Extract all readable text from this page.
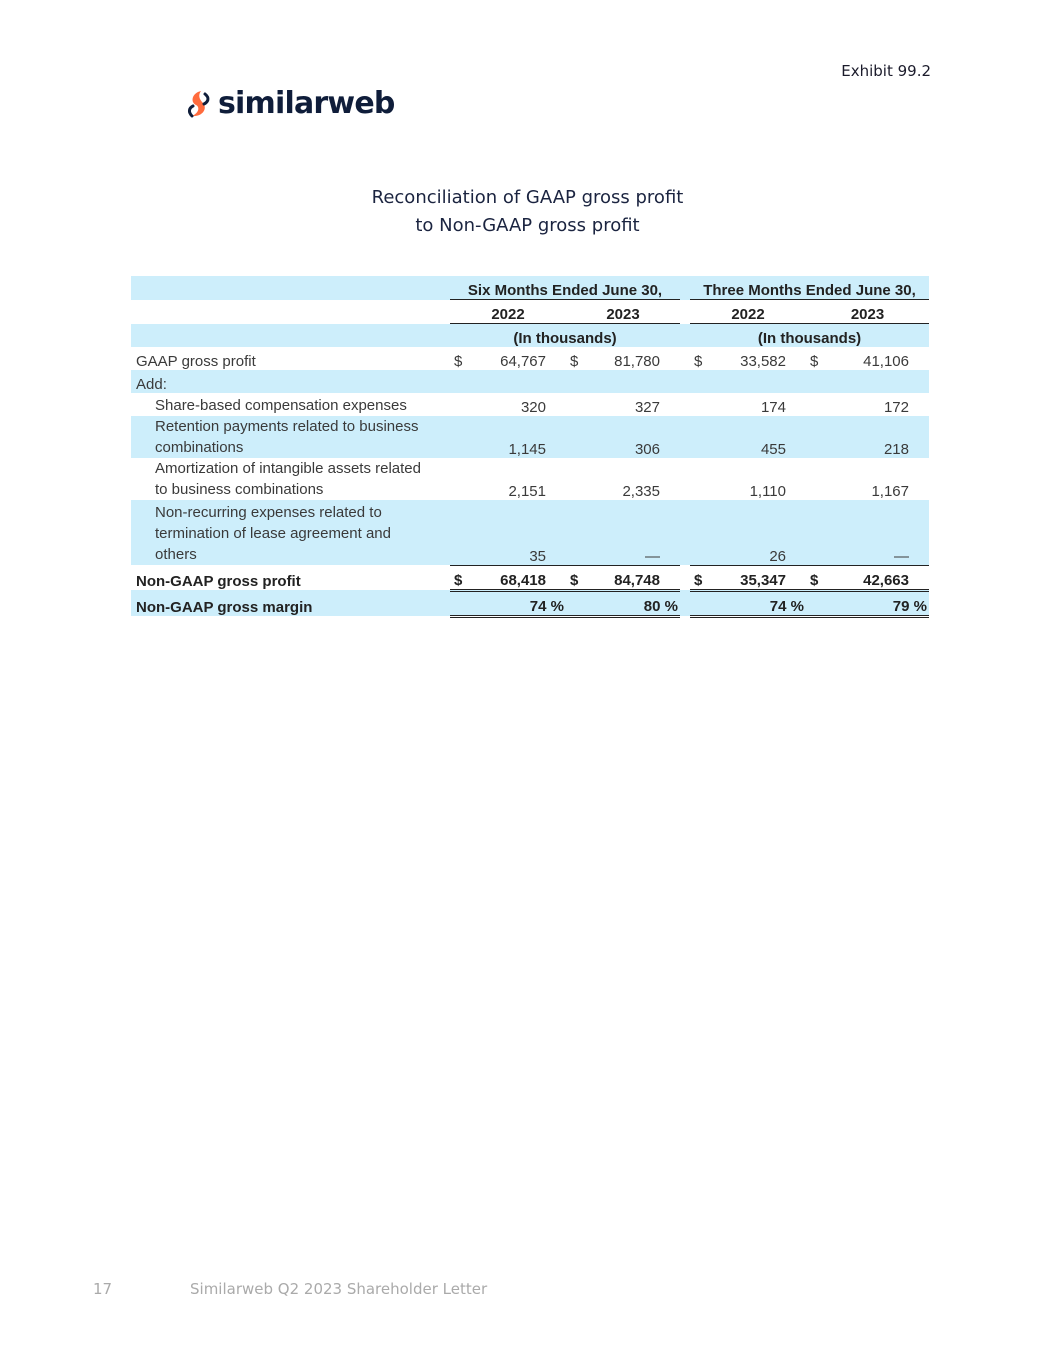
Exhibit 99.2
similarweb
Reconciliation of GAAP gross profit
to Non-GAAP gross profit
	Six Months Ended June 30,					Three Months Ended June 30,			
	2022		2023			2022		2023	
	(In thousands)					(In thousands)			
GAAP gross profit	$	64,767	$	81,780		$	33,582	$	41,106
Add:									
Share-based compensation expenses		320		327			174		172

Retention payments related to business
combinations		1,145		306			455		218

Amortization of intangible assets related
to business combinations		2,151		2,335			1,110		1,167

Non-recurring expenses related to
termination of lease agreement and
others		35		—			26		—
Non-GAAP gross profit	$	68,418	$	84,748		$	35,347	$	42,663
Non-GAAP gross margin		74 %		80 %			74 %		79 %
17	Similarweb Q2 2023 Shareholder Letter
